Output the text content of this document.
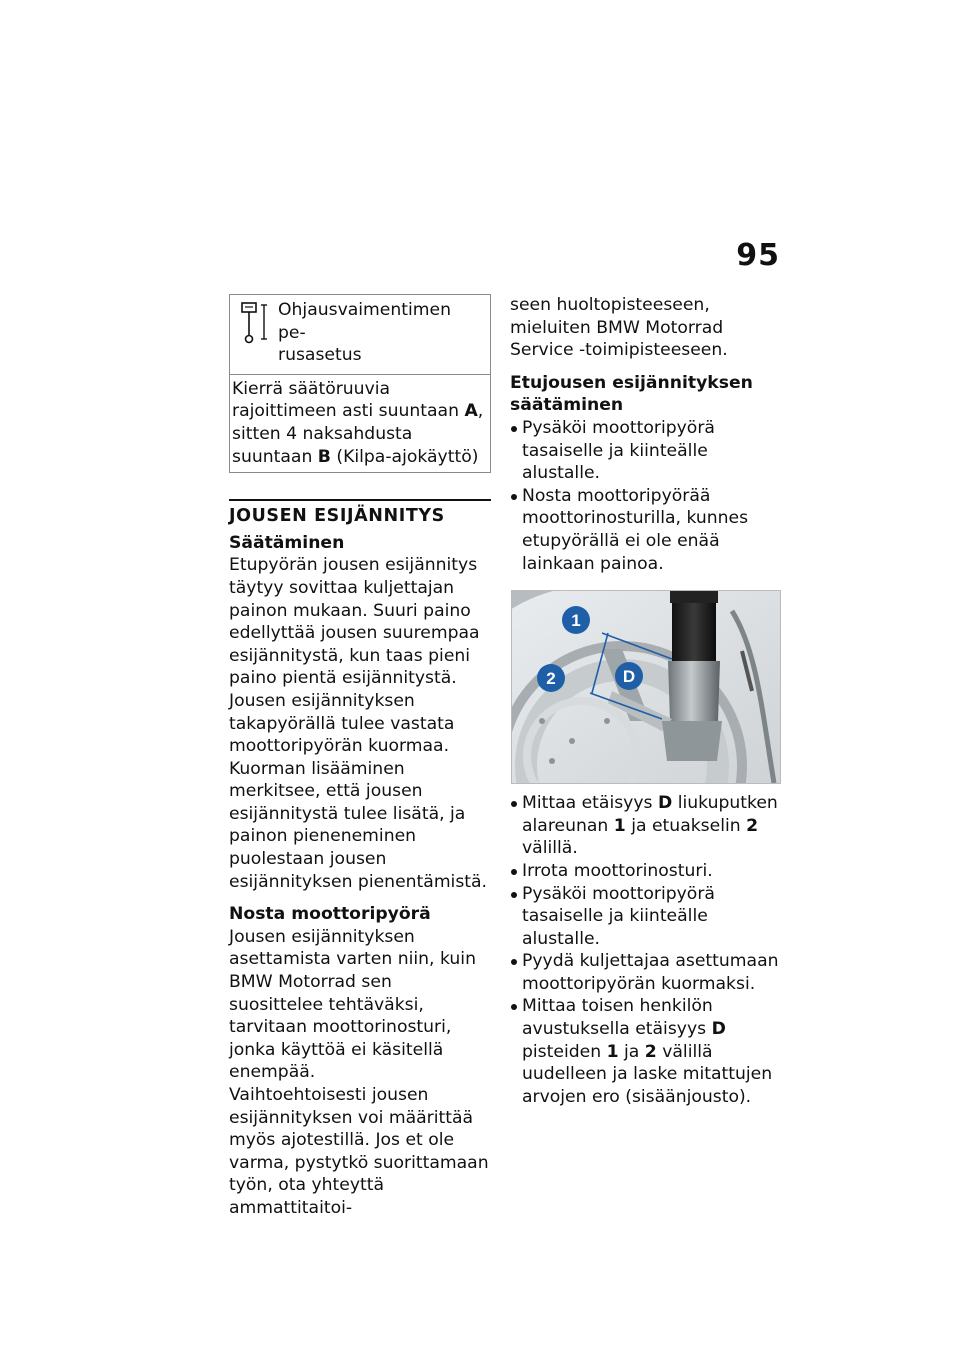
95
Ohjausvaimentimen pe-
rusasetus
Kierrä säätöruuvia rajoittimeen asti suuntaan A, sitten 4 naksahdusta suuntaan B (Kilpa-ajokäyttö)
JOUSEN ESIJÄNNITYS
Säätäminen

Etupyörän jousen esijännitys täytyy sovittaa kuljettajan painon mukaan. Suuri paino edellyttää jousen suurempaa esijännitystä, kun taas pieni paino pientä esijännitystä.

Jousen esijännityksen takapyörällä tulee vastata moottoripyörän kuormaa. Kuorman lisääminen merkitsee, että jousen esijännitystä tulee lisätä, ja painon pieneneminen puolestaan jousen esijännityksen pienentämistä.

Nosta moottoripyörä

Jousen esijännityksen asettamista varten niin, kuin BMW Motorrad sen suosittelee tehtäväksi, tarvitaan moottorinosturi, jonka käyttöä ei käsitellä enempää.

Vaihtoehtoisesti jousen esijännityksen voi määrittää myös ajotestillä. Jos et ole varma, pystytkö suorittamaan työn, ota yhteyttä ammattitaitoi-

seen huoltopisteeseen, mieluiten BMW Motorrad Service -toimipisteeseen.

Etujousen esijännityksen säätäminen
Pysäköi moottoripyörä tasaiselle ja kiinteälle alustalle.
Nosta moottoripyörää moottorinosturilla, kunnes etupyörällä ei ole enää lainkaan painoa.
1
2	D
Mittaa etäisyys D liukuputken alareunan 1 ja etuakselin 2 välillä.
Irrota moottorinosturi.
Pysäköi moottoripyörä tasaiselle ja kiinteälle alustalle.
Pyydä kuljettajaa asettumaan moottoripyörän kuormaksi.
Mittaa toisen henkilön avustuksella etäisyys D pisteiden 1 ja 2 välillä uudelleen ja laske mitattujen arvojen ero (sisäänjousto).
